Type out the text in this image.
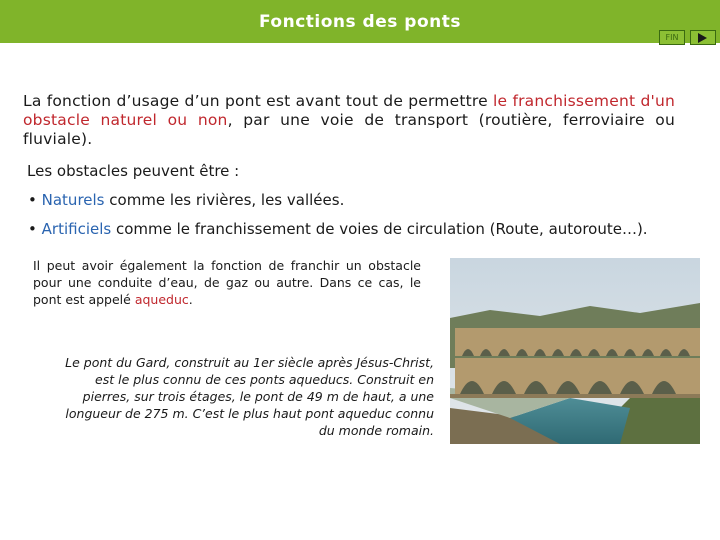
Fonctions des ponts
FIN
La fonction d’usage d’un pont est avant tout de permettre le franchissement d'un obstacle naturel ou non, par une voie de transport (routière, ferroviaire ou fluviale).
Les obstacles peuvent être :
• Naturels comme les rivières, les vallées.
• Artificiels comme le franchissement de voies de circulation (Route, autoroute…).
Il peut avoir également la fonction de franchir un obstacle pour une conduite d’eau, de gaz ou autre. Dans ce cas, le pont est appelé aqueduc.
Le pont du Gard, construit au 1er siècle après Jésus-Christ, est le plus connu de ces ponts aqueducs. Construit en pierres, sur trois étages, le pont de 49 m de haut, a une longueur de 275 m. C’est le plus haut pont aqueduc connu du monde romain.
